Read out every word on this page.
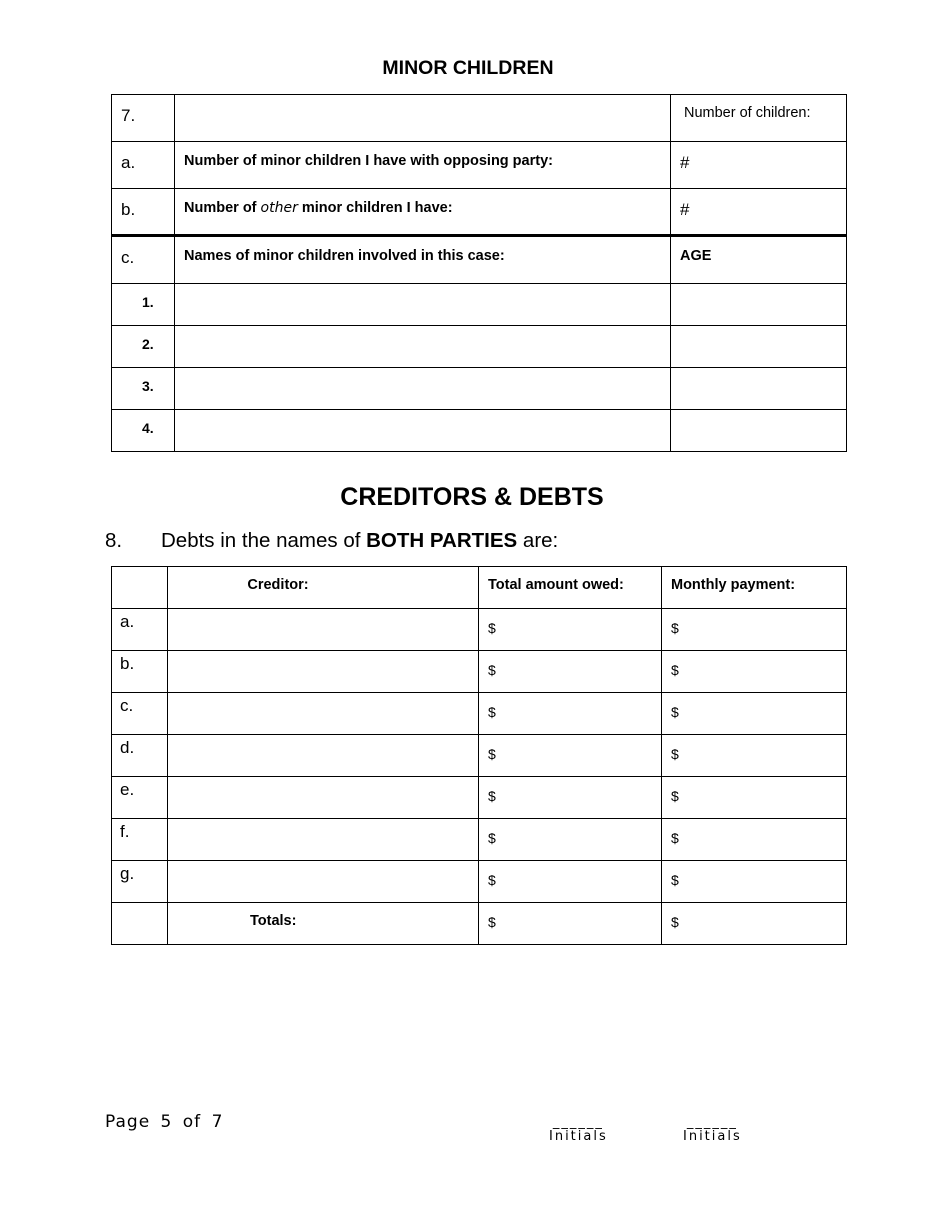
MINOR CHILDREN
7.		Number of children:
a.	Number of minor children I have with opposing party:	#
b.	Number of other minor children I have:	#
c.	Names of minor children involved in this case:	AGE
1.		
2.		
3.		
4.		
CREDITORS & DEBTS
8. Debts in the names of BOTH PARTIES are:
	Creditor:	Total amount owed:	Monthly payment:
a.		$	$
b.		$	$
c.		$	$
d.		$	$
e.		$	$
f.		$	$
g.		$	$
	Totals:	$	$
Page 5 of 7	______
Initials
______
Initials
